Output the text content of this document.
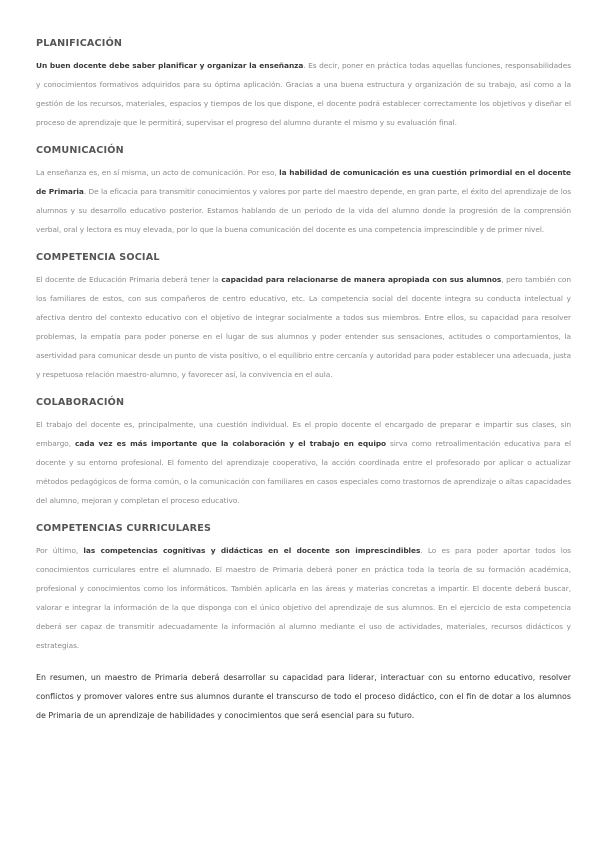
PLANIFICACIÓN

Un buen docente debe saber planificar y organizar la enseñanza. Es decir, poner en práctica todas aquellas funciones, responsabilidades y conocimientos formativos adquiridos para su óptima aplicación. Gracias a una buena estructura y organización de su trabajo, así como a la gestión de los recursos, materiales, espacios y tiempos de los que dispone, el docente podrá establecer correctamente los objetivos y diseñar el proceso de aprendizaje que le permitirá, supervisar el progreso del alumno durante el mismo y su evaluación final.

COMUNICACIÓN

La enseñanza es, en sí misma, un acto de comunicación. Por eso, la habilidad de comunicación es una cuestión primordial en el docente de Primaria. De la eficacia para transmitir conocimientos y valores por parte del maestro depende, en gran parte, el éxito del aprendizaje de los alumnos y su desarrollo educativo posterior. Estamos hablando de un periodo de la vida del alumno donde la progresión de la comprensión verbal, oral y lectora es muy elevada, por lo que la buena comunicación del docente es una competencia imprescindible y de primer nivel.

COMPETENCIA SOCIAL

El docente de Educación Primaria deberá tener la capacidad para relacionarse de manera apropiada con sus alumnos, pero también con los familiares de estos, con sus compañeros de centro educativo, etc. La competencia social del docente integra su conducta intelectual y afectiva dentro del contexto educativo con el objetivo de integrar socialmente a todos sus miembros. Entre ellos, su capacidad para resolver problemas, la empatía para poder ponerse en el lugar de sus alumnos y poder entender sus sensaciones, actitudes o comportamientos, la asertividad para comunicar desde un punto de vista positivo, o el equilibrio entre cercanía y autoridad para poder establecer una adecuada, justa y respetuosa relación maestro-alumno, y favorecer así, la convivencia en el aula.

COLABORACIÓN

El trabajo del docente es, principalmente, una cuestión individual. Es el propio docente el encargado de preparar e impartir sus clases, sin embargo, cada vez es más importante que la colaboración y el trabajo en equipo sirva como retroalimentación educativa para el docente y su entorno profesional. El fomento del aprendizaje cooperativo, la acción coordinada entre el profesorado por aplicar o actualizar métodos pedagógicos de forma común, o la comunicación con familiares en casos especiales como trastornos de aprendizaje o altas capacidades del alumno, mejoran y completan el proceso educativo.

COMPETENCIAS CURRICULARES

Por último, las competencias cognitivas y didácticas en el docente son imprescindibles. Lo es para poder aportar todos los conocimientos curriculares entre el alumnado. El maestro de Primaria deberá poner en práctica toda la teoría de su formación académica, profesional y conocimientos como los informáticos. También aplicarla en las áreas y materias concretas a impartir. El docente deberá buscar, valorar e integrar la información de la que disponga con el único objetivo del aprendizaje de sus alumnos. En el ejercicio de esta competencia deberá ser capaz de transmitir adecuadamente la información al alumno mediante el uso de actividades, materiales, recursos didácticos y estrategias.

En resumen, un maestro de Primaria deberá desarrollar su capacidad para liderar, interactuar con su entorno educativo, resolver conflictos y promover valores entre sus alumnos durante el transcurso de todo el proceso didáctico, con el fin de dotar a los alumnos de Primaria de un aprendizaje de habilidades y conocimientos que será esencial para su futuro.
